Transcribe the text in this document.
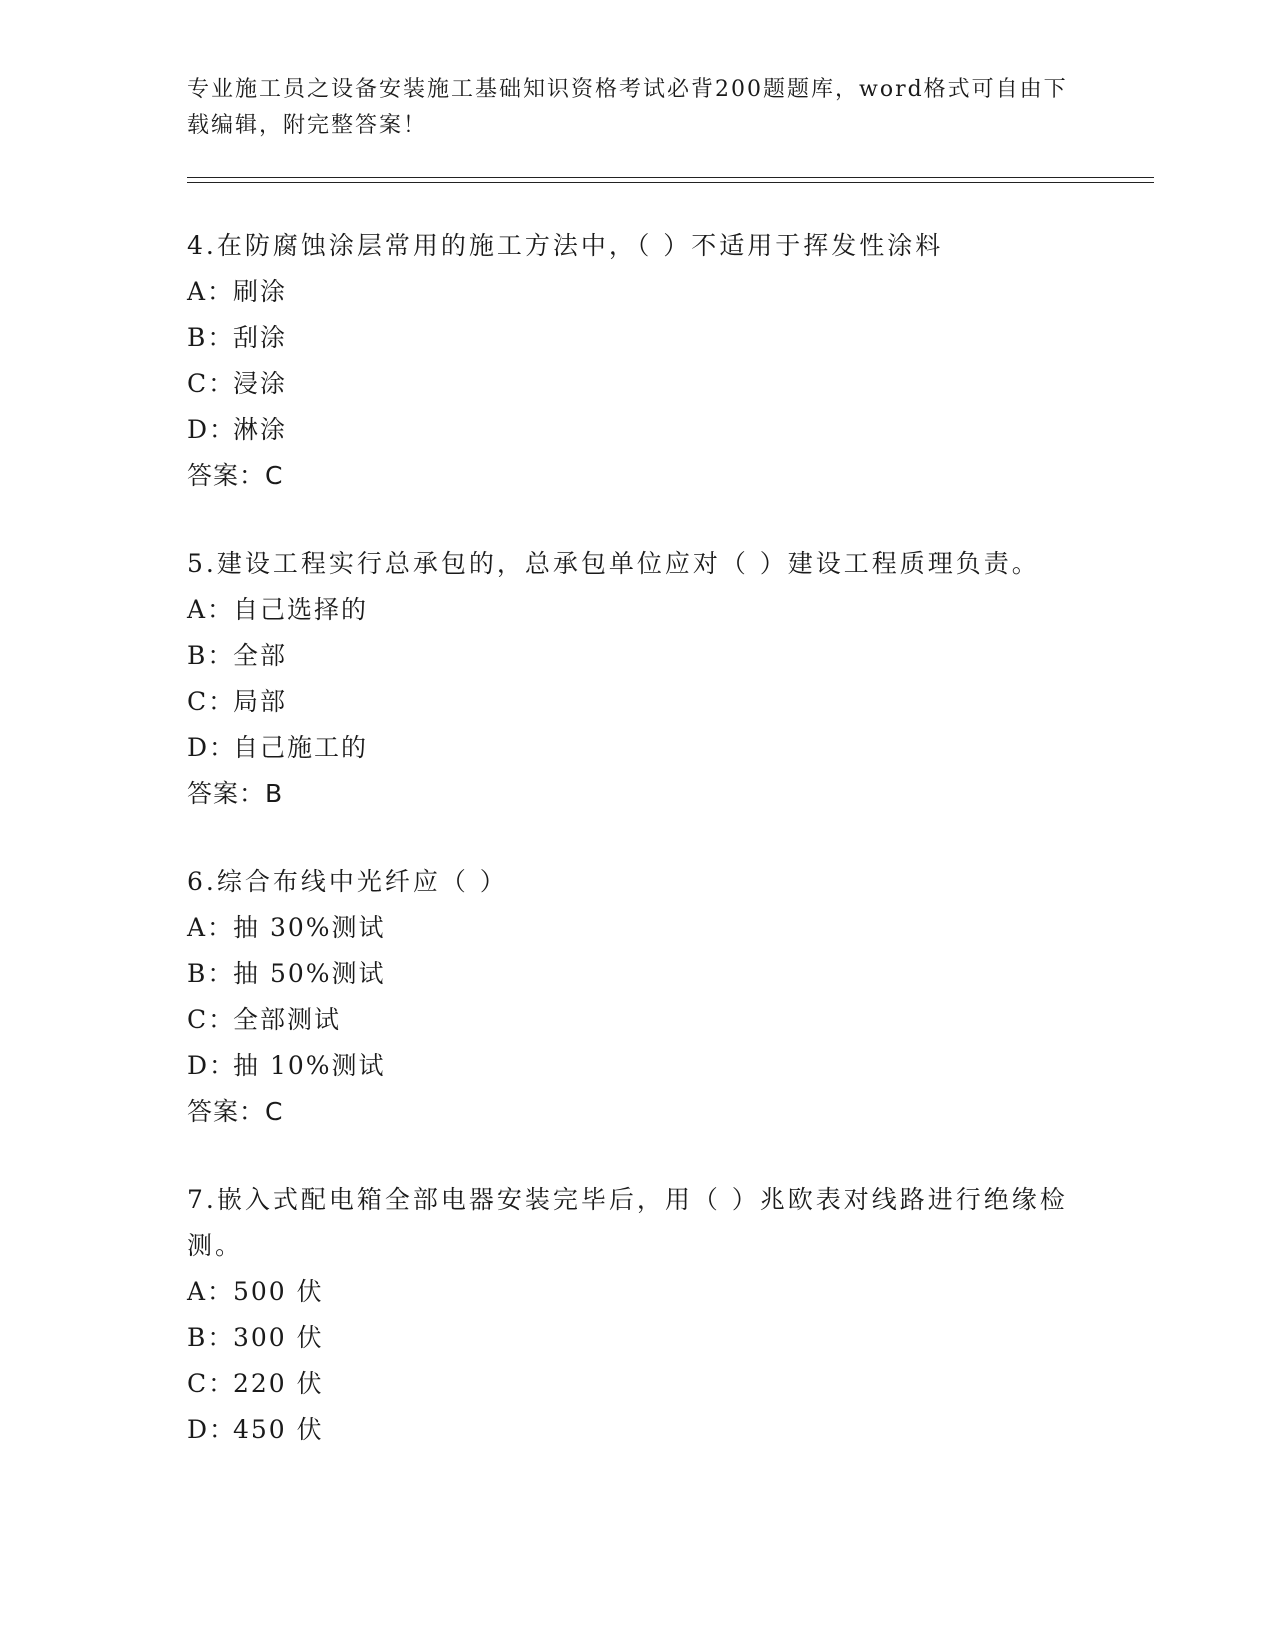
专业施工员之设备安装施工基础知识资格考试必背200题题库，word格式可自由下载编辑，附完整答案！

4.在防腐蚀涂层常用的施工方法中，（ ）不适用于挥发性涂料

A：刷涂

B：刮涂

C：浸涂

D：淋涂

答案：C

5.建设工程实行总承包的，总承包单位应对（ ）建设工程质理负责。

A：自己选择的

B：全部

C：局部

D：自己施工的

答案：B

6.综合布线中光纤应（ ）

A：抽 30%测试

B：抽 50%测试

C：全部测试

D：抽 10%测试

答案：C

7.嵌入式配电箱全部电器安装完毕后，用（ ）兆欧表对线路进行绝缘检测。

A：500 伏

B：300 伏

C：220 伏

D：450 伏
